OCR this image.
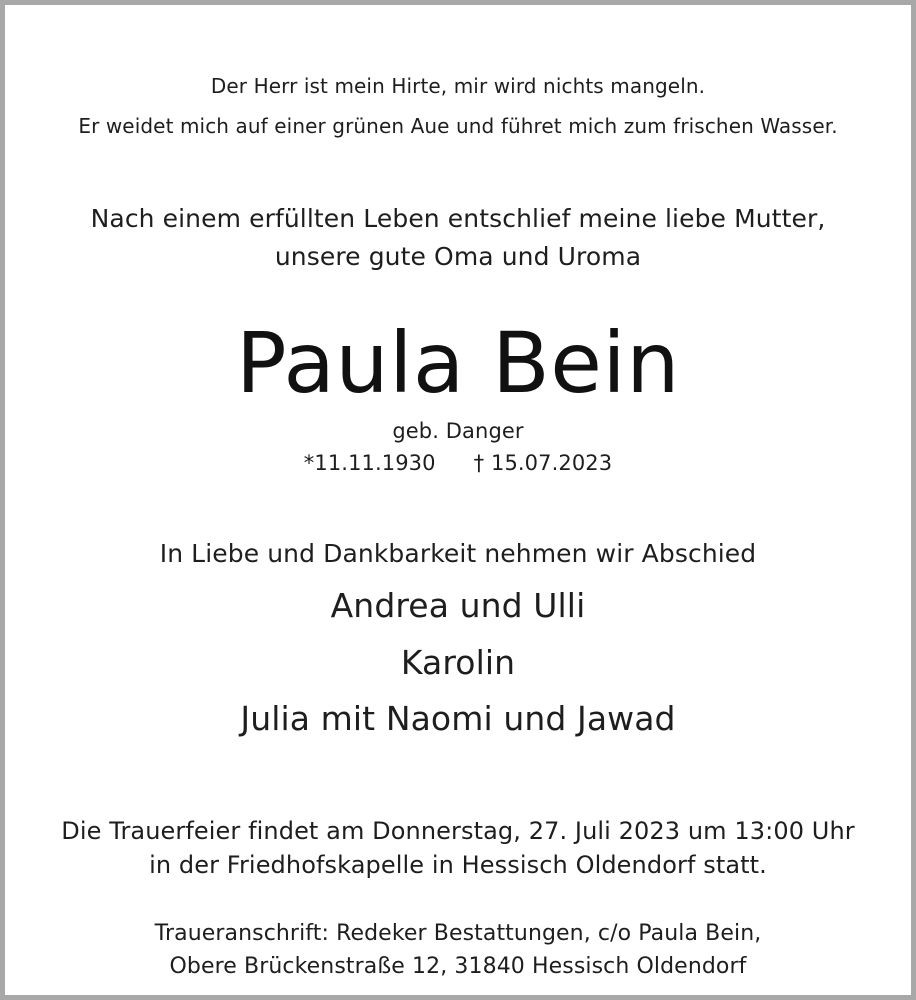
Der Herr ist mein Hirte, mir wird nichts mangeln.
Er weidet mich auf einer grünen Aue und führet mich zum frischen Wasser.
Nach einem erfüllten Leben entschlief meine liebe Mutter,
unsere gute Oma und Uroma
Paula Bein
geb. Danger
*11.11.1930 † 15.07.2023
In Liebe und Dankbarkeit nehmen wir Abschied
Andrea und Ulli
Karolin
Julia mit Naomi und Jawad
Die Trauerfeier findet am Donnerstag, 27. Juli 2023 um 13:00 Uhr
in der Friedhofskapelle in Hessisch Oldendorf statt.
Traueranschrift: Redeker Bestattungen, c/o Paula Bein,
Obere Brückenstraße 12, 31840 Hessisch Oldendorf
